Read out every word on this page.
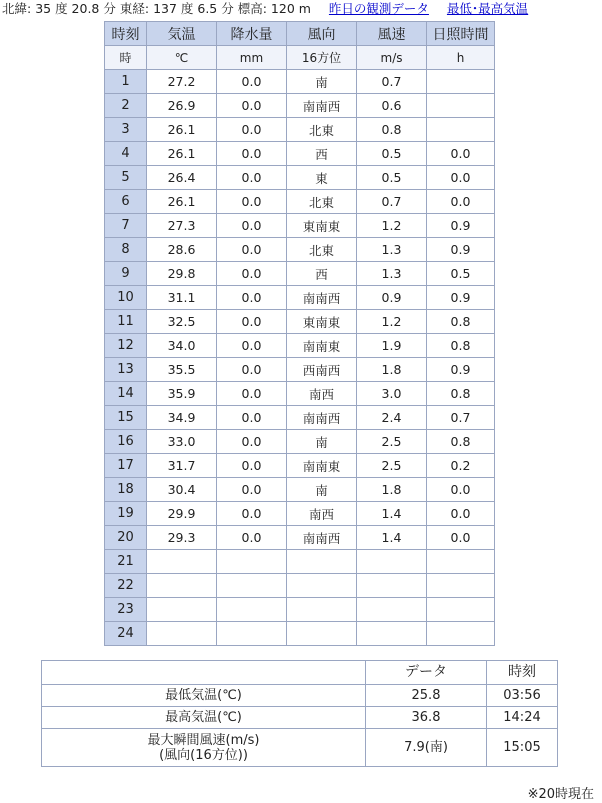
北緯: 35 度 20.8 分 東経: 137 度 6.5 分 標高: 120 m 昨日の観測データ 最低･最高気温
時刻	気温	降水量	風向	風速	日照時間
時	℃	mm	16方位	m/s	h
1	27.2	0.0	南	0.7	
2	26.9	0.0	南南西	0.6	
3	26.1	0.0	北東	0.8	
4	26.1	0.0	西	0.5	0.0
5	26.4	0.0	東	0.5	0.0
6	26.1	0.0	北東	0.7	0.0
7	27.3	0.0	東南東	1.2	0.9
8	28.6	0.0	北東	1.3	0.9
9	29.8	0.0	西	1.3	0.5
10	31.1	0.0	南南西	0.9	0.9
11	32.5	0.0	東南東	1.2	0.8
12	34.0	0.0	南南東	1.9	0.8
13	35.5	0.0	西南西	1.8	0.9
14	35.9	0.0	南西	3.0	0.8
15	34.9	0.0	南南西	2.4	0.7
16	33.0	0.0	南	2.5	0.8
17	31.7	0.0	南南東	2.5	0.2
18	30.4	0.0	南	1.8	0.0
19	29.9	0.0	南西	1.4	0.0
20	29.3	0.0	南南西	1.4	0.0
21					
22					
23					
24					
	データ	時刻
最低気温(℃)	25.8	03:56
最高気温(℃)	36.8	14:24

最大瞬間風速(m/s)
(風向(16方位))	7.9(南)	15:05
※20時現在
